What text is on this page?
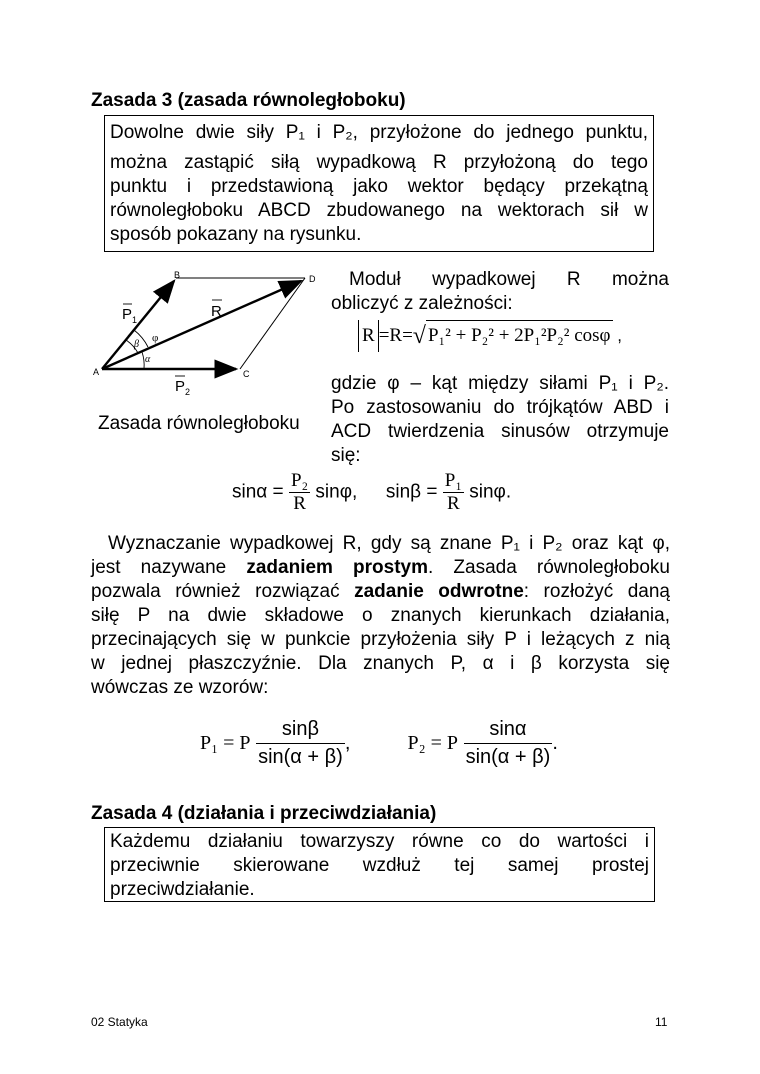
Zasada 3 (zasada równoległoboku)
Dowolne dwie siły P₁ i P₂, przyłożone do jednego punktu,
można zastąpić siłą wypadkową R przyłożoną do tego
punktu i przedstawioną jako wektor będący przekątną
równoległoboku ABCD zbudowanego na wektorach sił w
sposób pokazany na rysunku.
A
B
C
D
P 1
P 2
R
φ
β
α
Zasada równoległoboku
Moduł wypadkowej R można
obliczyć z zależności:
R =R=√ P₁² + P₂² + 2P₁²P₂² cosφ ,
gdzie φ – kąt między siłami P₁ i P₂.
Po zastosowaniu do trójkątów ABD i
ACD twierdzenia sinusów otrzymuje
się:
$\sin\alpha = \frac{\text{P₂}}{R} \sin\varphi$, $\sin\beta = \frac{\text{P₁}}{R} \sin\varphi$.
Wyznaczanie wypadkowej R, gdy są znane P₁ i P₂ oraz kąt φ,
jest nazywane zadaniem prostym. Zasada równoległoboku
pozwala również rozwiązać zadanie odwrotne: rozłożyć daną
siłę P na dwie składowe o znanych kierunkach działania,
przecinających się w punkcie przyłożenia siły P i leżących z nią
w jednej płaszczyźnie. Dla znanych P, α i β korzysta się
wówczas ze wzorów:
P₁ = P $\frac{\sin\beta}{\sin(\alpha + \beta)}$ ,	P₂ = P $\frac{\sin\alpha}{\sin(\alpha + \beta)}$ .
Zasada 4 (działania i przeciwdziałania)
Każdemu działaniu towarzyszy równe co do wartości i
przeciwnie skierowane wzdłuż tej samej prostej
przeciwdziałanie.
02 Statyka	11
